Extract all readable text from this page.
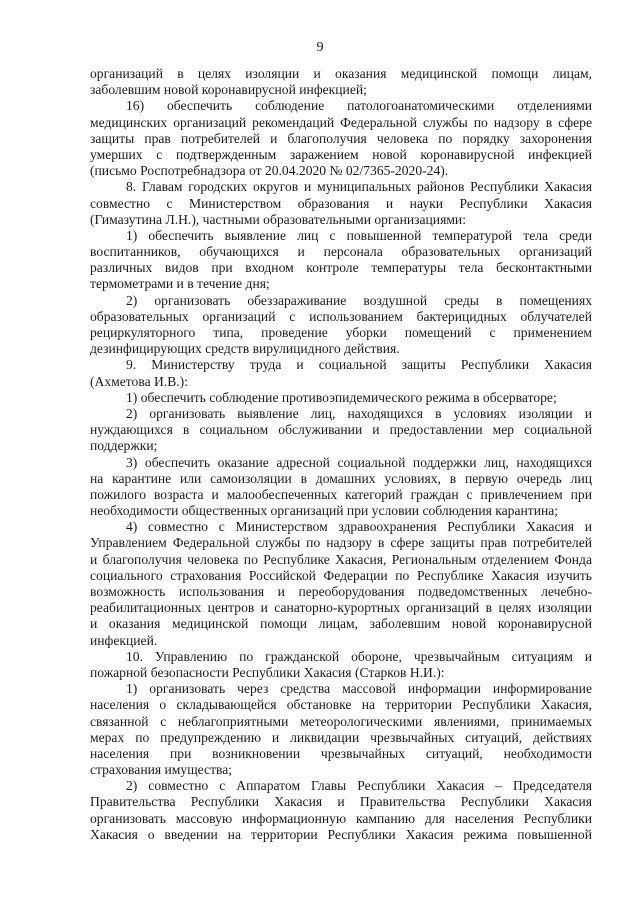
9
организаций в целях изоляции и оказания медицинской помощи лицам,
заболевшим новой коронавирусной инфекцией;
16) обеспечить соблюдение патологоанатомическими отделениями
медицинских организаций рекомендаций Федеральной службы по надзору в сфере
защиты прав потребителей и благополучия человека по порядку захоронения
умерших с подтвержденным заражением новой коронавирусной инфекцией
(письмо Роспотребнадзора от 20.04.2020 № 02/7365-2020-24).
8. Главам городских округов и муниципальных районов Республики Хакасия
совместно с Министерством образования и науки Республики Хакасия
(Гимазутина Л.Н.), частными образовательными организациями:
1) обеспечить выявление лиц с повышенной температурой тела среди
воспитанников, обучающихся и персонала образовательных организаций
различных видов при входном контроле температуры тела бесконтактными
термометрами и в течение дня;
2) организовать обеззараживание воздушной среды в помещениях
образовательных организаций с использованием бактерицидных облучателей
рециркуляторного типа, проведение уборки помещений с применением
дезинфицирующих средств вирулицидного действия.
9. Министерству труда и социальной защиты Республики Хакасия
(Ахметова И.В.):
1) обеспечить соблюдение противоэпидемического режима в обсерваторе;
2) организовать выявление лиц, находящихся в условиях изоляции и
нуждающихся в социальном обслуживании и предоставлении мер социальной
поддержки;
3) обеспечить оказание адресной социальной поддержки лиц, находящихся
на карантине или самоизоляции в домашних условиях, в первую очередь лиц
пожилого возраста и малообеспеченных категорий граждан с привлечением при
необходимости общественных организаций при условии соблюдения карантина;
4) совместно с Министерством здравоохранения Республики Хакасия и
Управлением Федеральной службы по надзору в сфере защиты прав потребителей
и благополучия человека по Республике Хакасия, Региональным отделением Фонда
социального страхования Российской Федерации по Республике Хакасия изучить
возможность использования и переоборудования подведомственных лечебно-
реабилитационных центров и санаторно-курортных организаций в целях изоляции
и оказания медицинской помощи лицам, заболевшим новой коронавирусной
инфекцией.
10. Управлению по гражданской обороне, чрезвычайным ситуациям и
пожарной безопасности Республики Хакасия (Старков Н.И.):
1) организовать через средства массовой информации информирование
населения о складывающейся обстановке на территории Республики Хакасия,
связанной с неблагоприятными метеорологическими явлениями, принимаемых
мерах по предупреждению и ликвидации чрезвычайных ситуаций, действиях
населения при возникновении чрезвычайных ситуаций, необходимости
страхования имущества;
2) совместно с Аппаратом Главы Республики Хакасия – Председателя
Правительства Республики Хакасия и Правительства Республики Хакасия
организовать массовую информационную кампанию для населения Республики
Хакасия о введении на территории Республики Хакасия режима повышенной
